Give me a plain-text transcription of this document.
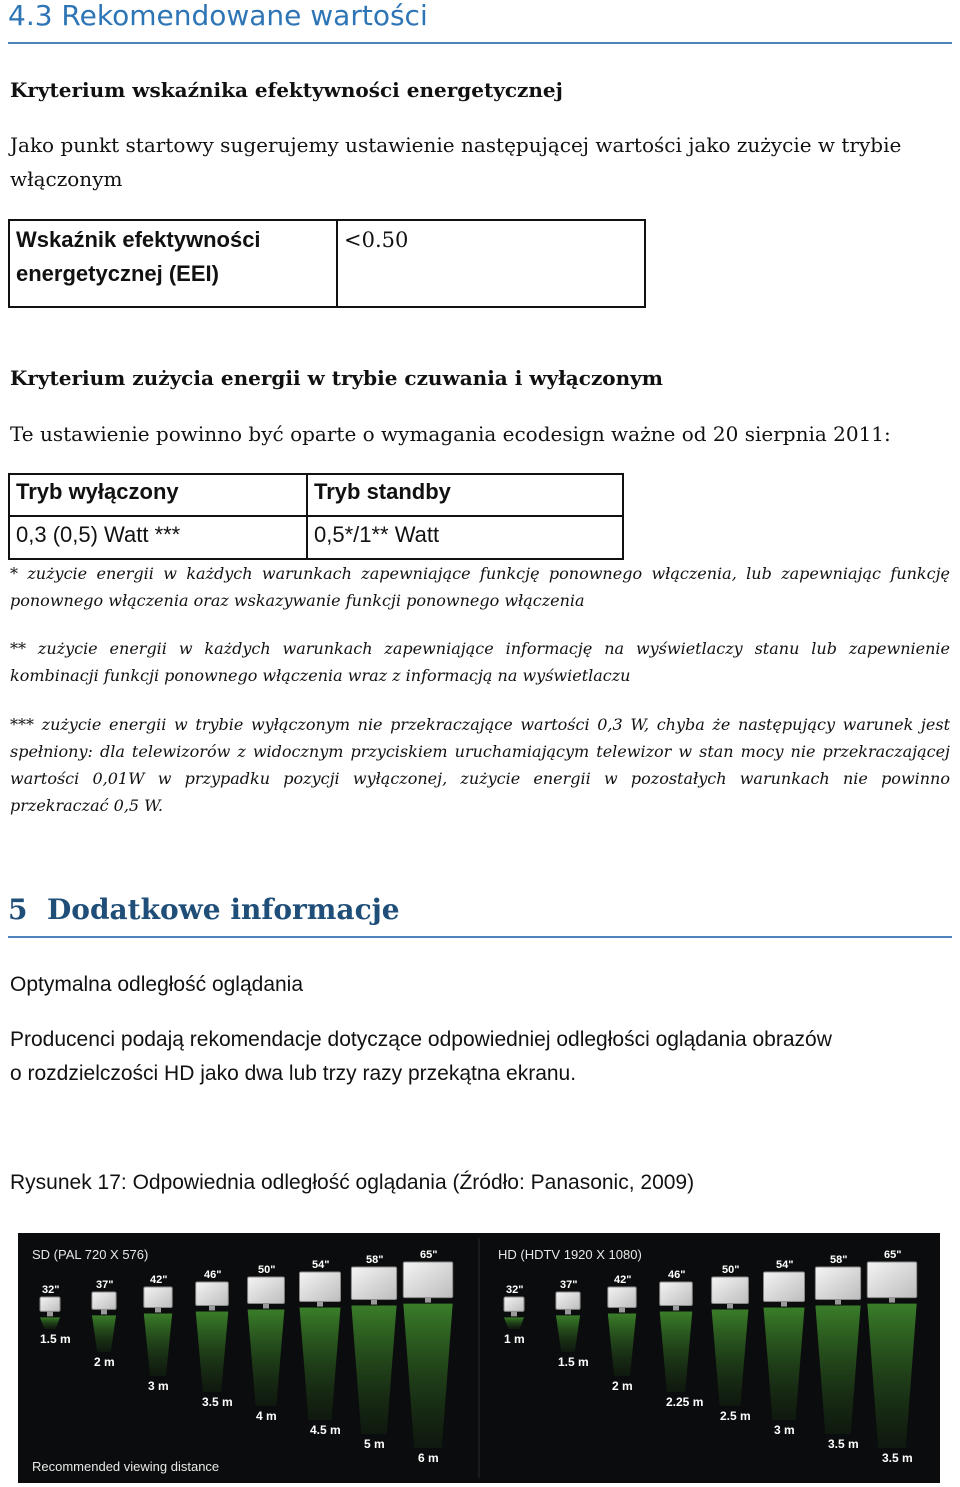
4.3 Rekomendowane wartości

Kryterium wskaźnika efektywności energetycznej

Jako punkt startowy sugerujemy ustawienie następującej wartości jako zużycie w trybie włączonym

Wskaźnik efektywności
energetycznej (EEI)	<0.50

Kryterium zużycia energii w trybie czuwania i wyłączonym

Te ustawienie powinno być oparte o wymagania ecodesign ważne od 20 sierpnia 2011:

Tryb wyłączony	Tryb standby
0,3 (0,5) Watt ***	0,5*/1** Watt

* zużycie energii w każdych warunkach zapewniające funkcję ponownego włączenia, lub zapewniając funkcję ponownego włączenia oraz wskazywanie funkcji ponownego włączenia

** zużycie energii w każdych warunkach zapewniające informację na wyświetlaczy stanu lub zapewnienie kombinacji funkcji ponownego włączenia wraz z informacją na wyświetlaczu

*** zużycie energii w trybie wyłączonym nie przekraczające wartości 0,3 W, chyba że następujący warunek jest spełniony: dla telewizorów z widocznym przyciskiem uruchamiającym telewizor w stan mocy nie przekraczającej wartości 0,01W w przypadku pozycji wyłączonej, zużycie energii w pozostałych warunkach nie powinno przekraczać 0,5 W.

5 Dodatkowe informacje

Optymalna odległość oglądania

Producenci podają rekomendacje dotyczące odpowiedniej odległości oglądania obrazów

o rozdzielczości HD jako dwa lub trzy razy przekątna ekranu.

Rysunek 17: Odpowiednia odległość oglądania (Źródło: Panasonic, 2009)

SD (PAL 720 X 576)	HD (HDTV 1920 X 1080)
Recommended viewing distance
32"
1.5 m
37"
2 m
42"
3 m
46"
3.5 m
50"
4 m
54"
4.5 m
58"
5 m
65"
6 m
32"
1 m
37"
1.5 m
42"
2 m
46"
2.25 m
50"
2.5 m
54"
3 m
58"
3.5 m
65"
3.5 m
